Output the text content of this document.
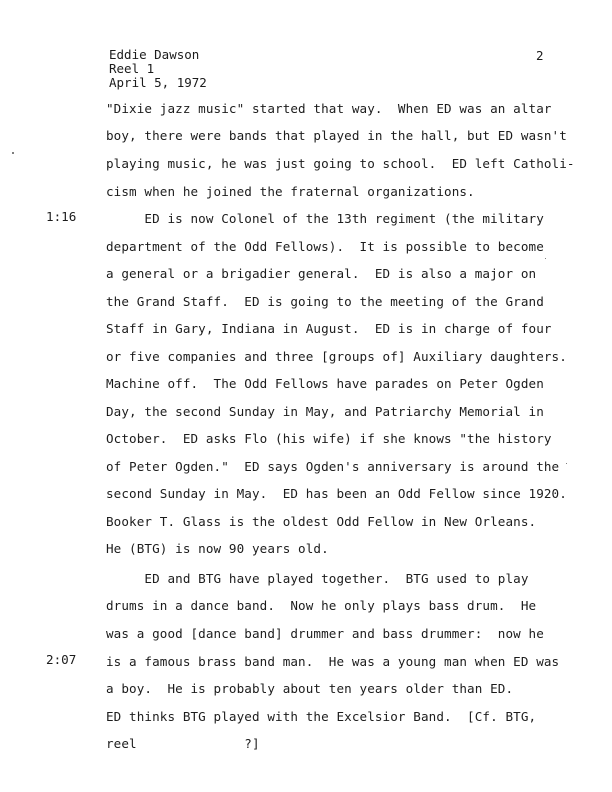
Eddie Dawson
Reel 1
April 5, 1972
2
1:16
2:07
"Dixie jazz music" started that way.  When ED was an altar
boy, there were bands that played in the hall, but ED wasn't
playing music, he was just going to school.  ED left Catholi-
cism when he joined the fraternal organizations.
ED is now Colonel of the 13th regiment (the military
department of the Odd Fellows).  It is possible to become
a general or a brigadier general.  ED is also a major on
the Grand Staff.  ED is going to the meeting of the Grand
Staff in Gary, Indiana in August.  ED is in charge of four
or five companies and three [groups of] Auxiliary daughters.
Machine off.  The Odd Fellows have parades on Peter Ogden
Day, the second Sunday in May, and Patriarchy Memorial in
October.  ED asks Flo (his wife) if she knows "the history
of Peter Ogden."  ED says Ogden's anniversary is around the
second Sunday in May.  ED has been an Odd Fellow since 1920.
Booker T. Glass is the oldest Odd Fellow in New Orleans.
He (BTG) is now 90 years old.
ED and BTG have played together.  BTG used to play
drums in a dance band.  Now he only plays bass drum.  He
was a good [dance band] drummer and bass drummer:  now he
is a famous brass band man.  He was a young man when ED was
a boy.  He is probably about ten years older than ED.
ED thinks BTG played with the Excelsior Band.  [Cf. BTG,
reel              ?]
